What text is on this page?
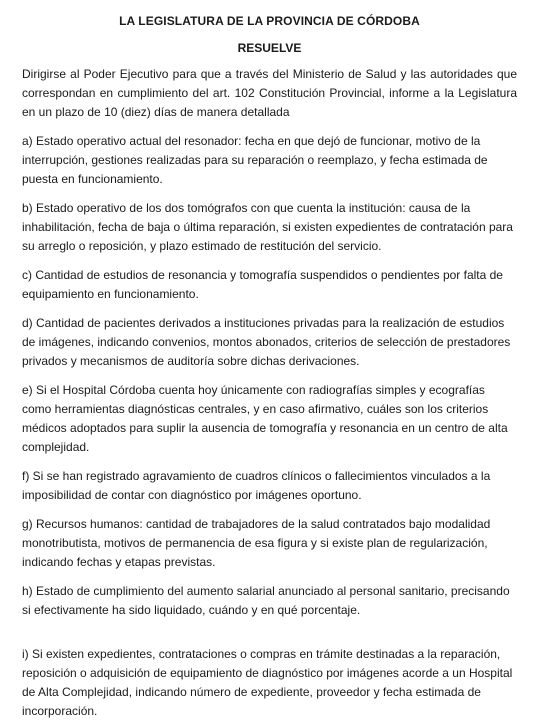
LA LEGISLATURA DE LA PROVINCIA DE CÓRDOBA

RESUELVE

Dirigirse al Poder Ejecutivo para que a través del Ministerio de Salud y las autoridades que correspondan en cumplimiento del art. 102 Constitución Provincial, informe a la Legislatura en un plazo de 10 (diez) días de manera detallada

a) Estado operativo actual del resonador: fecha en que dejó de funcionar, motivo de la interrupción, gestiones realizadas para su reparación o reemplazo, y fecha estimada de puesta en funcionamiento.

b) Estado operativo de los dos tomógrafos con que cuenta la institución: causa de la inhabilitación, fecha de baja o última reparación, si existen expedientes de contratación para su arreglo o reposición, y plazo estimado de restitución del servicio.

c) Cantidad de estudios de resonancia y tomografía suspendidos o pendientes por falta de equipamiento en funcionamiento.

d) Cantidad de pacientes derivados a instituciones privadas para la realización de estudios de imágenes, indicando convenios, montos abonados, criterios de selección de prestadores privados y mecanismos de auditoría sobre dichas derivaciones.

e) Si el Hospital Córdoba cuenta hoy únicamente con radiografías simples y ecografías como herramientas diagnósticas centrales, y en caso afirmativo, cuáles son los criterios médicos adoptados para suplir la ausencia de tomografía y resonancia en un centro de alta complejidad.

f) Si se han registrado agravamiento de cuadros clínicos o fallecimientos vinculados a la imposibilidad de contar con diagnóstico por imágenes oportuno.

g) Recursos humanos: cantidad de trabajadores de la salud contratados bajo modalidad monotributista, motivos de permanencia de esa figura y si existe plan de regularización, indicando fechas y etapas previstas.

h) Estado de cumplimiento del aumento salarial anunciado al personal sanitario, precisando si efectivamente ha sido liquidado, cuándo y en qué porcentaje.

i) Si existen expedientes, contrataciones o compras en trámite destinadas a la reparación, reposición o adquisición de equipamiento de diagnóstico por imágenes acorde a un Hospital de Alta Complejidad, indicando número de expediente, proveedor y fecha estimada de incorporación.
